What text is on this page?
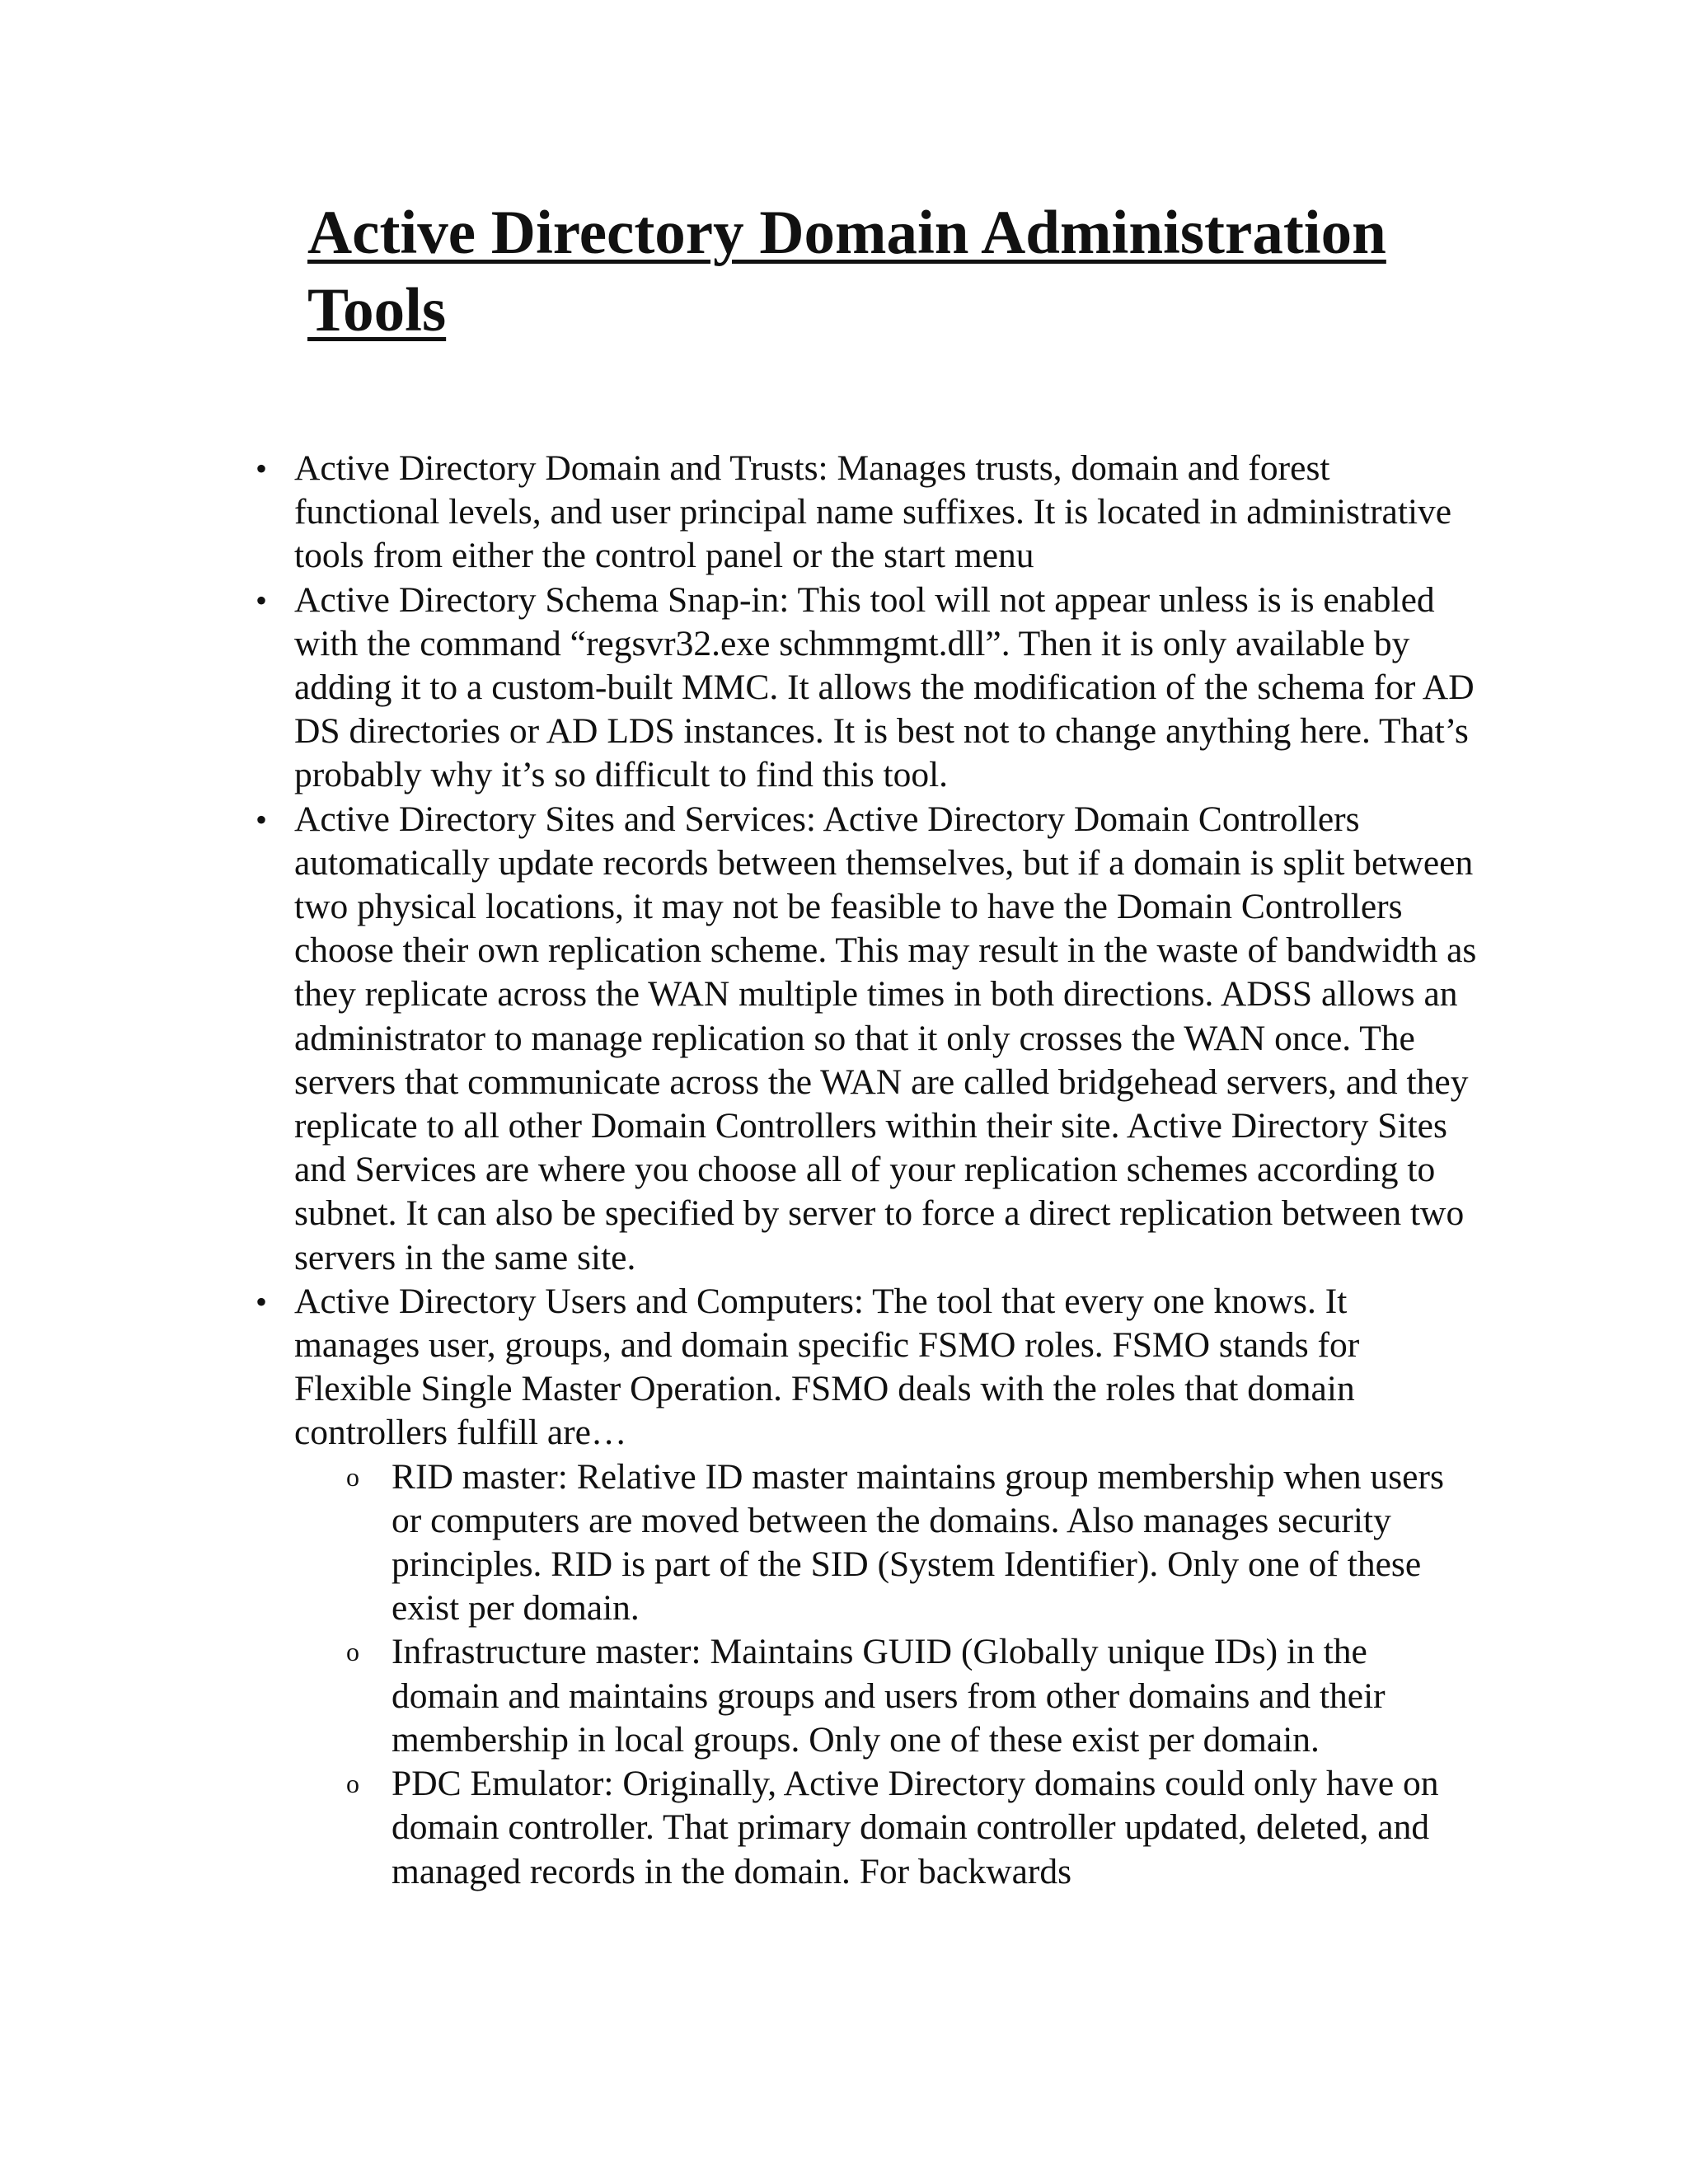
Active Directory Domain Administration Tools
• Active Directory Domain and Trusts: Manages trusts, domain and forest functional levels, and user principal name suffixes. It is located in administrative tools from either the control panel or the start menu
• Active Directory Schema Snap-in: This tool will not appear unless is is enabled with the command “regsvr32.exe schmmgmt.dll”. Then it is only available by adding it to a custom-built MMC. It allows the modification of the schema for AD DS directories or AD LDS instances. It is best not to change anything here. That’s probably why it’s so difficult to find this tool.
• Active Directory Sites and Services: Active Directory Domain Controllers automatically update records between themselves, but if a domain is split between two physical locations, it may not be feasible to have the Domain Controllers choose their own replication scheme. This may result in the waste of bandwidth as they replicate across the WAN multiple times in both directions. ADSS allows an administrator to manage replication so that it only crosses the WAN once. The servers that communicate across the WAN are called bridgehead servers, and they replicate to all other Domain Controllers within their site. Active Directory Sites and Services are where you choose all of your replication schemes according to subnet. It can also be specified by server to force a direct replication between two servers in the same site.
• Active Directory Users and Computers: The tool that every one knows. It manages user, groups, and domain specific FSMO roles. FSMO stands for Flexible Single Master Operation. FSMO deals with the roles that domain controllers fulfill are…
o RID master: Relative ID master maintains group membership when users or computers are moved between the domains. Also manages security principles. RID is part of the SID (System Identifier). Only one of these exist per domain.
o Infrastructure master: Maintains GUID (Globally unique IDs) in the domain and maintains groups and users from other domains and their membership in local groups. Only one of these exist per domain.
o PDC Emulator: Originally, Active Directory domains could only have on domain controller. That primary domain controller updated, deleted, and managed records in the domain. For backwards
